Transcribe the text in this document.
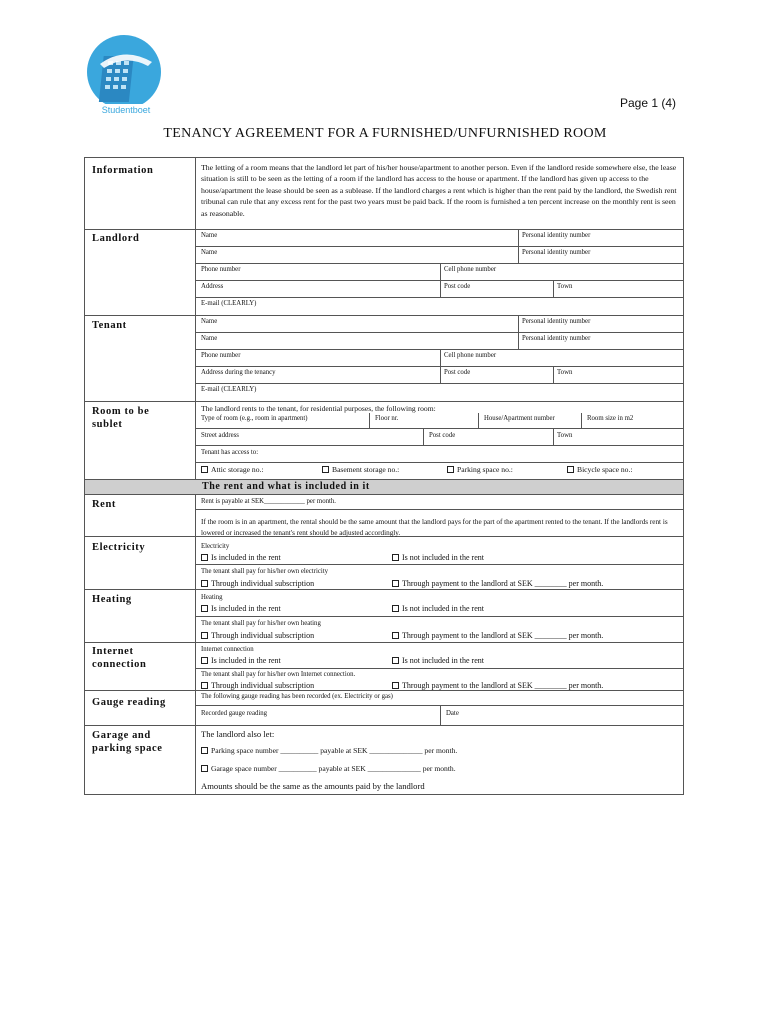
Studentboet	Page 1 (4)
TENANCY AGREEMENT FOR A FURNISHED/UNFURNISHED ROOM
Information	The letting of a room means that the landlord let part of his/her house/apartment to another person. Even if the landlord reside somewhere else, the lease situation is still to be seen as the letting of a room if the landlord has access to the house or apartment. If the landlord has given up access to the house/apartment the lease should be seen as a sublease. If the landlord charges a rent which is higher than the rent paid by the landlord, the Swedish rent tribunal can rule that any excess rent for the past two years must be paid back. If the room is furnished a ten percent increase on the monthly rent is seen as reasonable.
Landlord	Name	Personal identity number
Name	Personal identity number
Phone number	Cell phone number
Address	Post code	Town
E-mail (CLEARLY)
Tenant	Name	Personal identity number
Name	Personal identity number
Phone number	Cell phone number
Address during the tenancy	Post code	Town
E-mail (CLEARLY)
Room to be sublet
The landlord rents to the tenant, for residential purposes, the following room:
Type of room (e.g., room in apartment)	Floor nr.	House/Apartment number	Room size in m2
Street address	Post code	Town
Tenant has access to:
Attic storage no.:	Basement storage no.:	Parking space no.:	Bicycle space no.:
The rent and what is included in it
Rent	Rent is payable at SEK____________ per month.
If the room is in an apartment, the rental should be the same amount that the landlord pays for the part of the apartment rented to the tenant. If the landlords rent is lowered or increased the tenant's rent should be adjusted accordingly.
Electricity	Electricity
Is included in the rent	Is not included in the rent
The tenant shall pay for his/her own electricity
Through individual subscription	Through payment to the landlord at SEK ________ per month.
Heating	Heating
Is included in the rent	Is not included in the rent
The tenant shall pay for his/her own heating
Through individual subscription	Through payment to the landlord at SEK ________ per month.
Internet connection
Internet connection
Is included in the rent	Is not included in the rent
The tenant shall pay for his/her own Internet connection.
Through individual subscription	Through payment to the landlord at SEK ________ per month.
Gauge reading
The following gauge reading has been recorded (ex. Electricity or gas)
Recorded gauge reading	Date
Garage and parking space
The landlord also let:
Parking space number __________ payable at SEK ______________ per month.
Garage space number __________ payable at SEK ______________ per month.
Amounts should be the same as the amounts paid by the landlord
